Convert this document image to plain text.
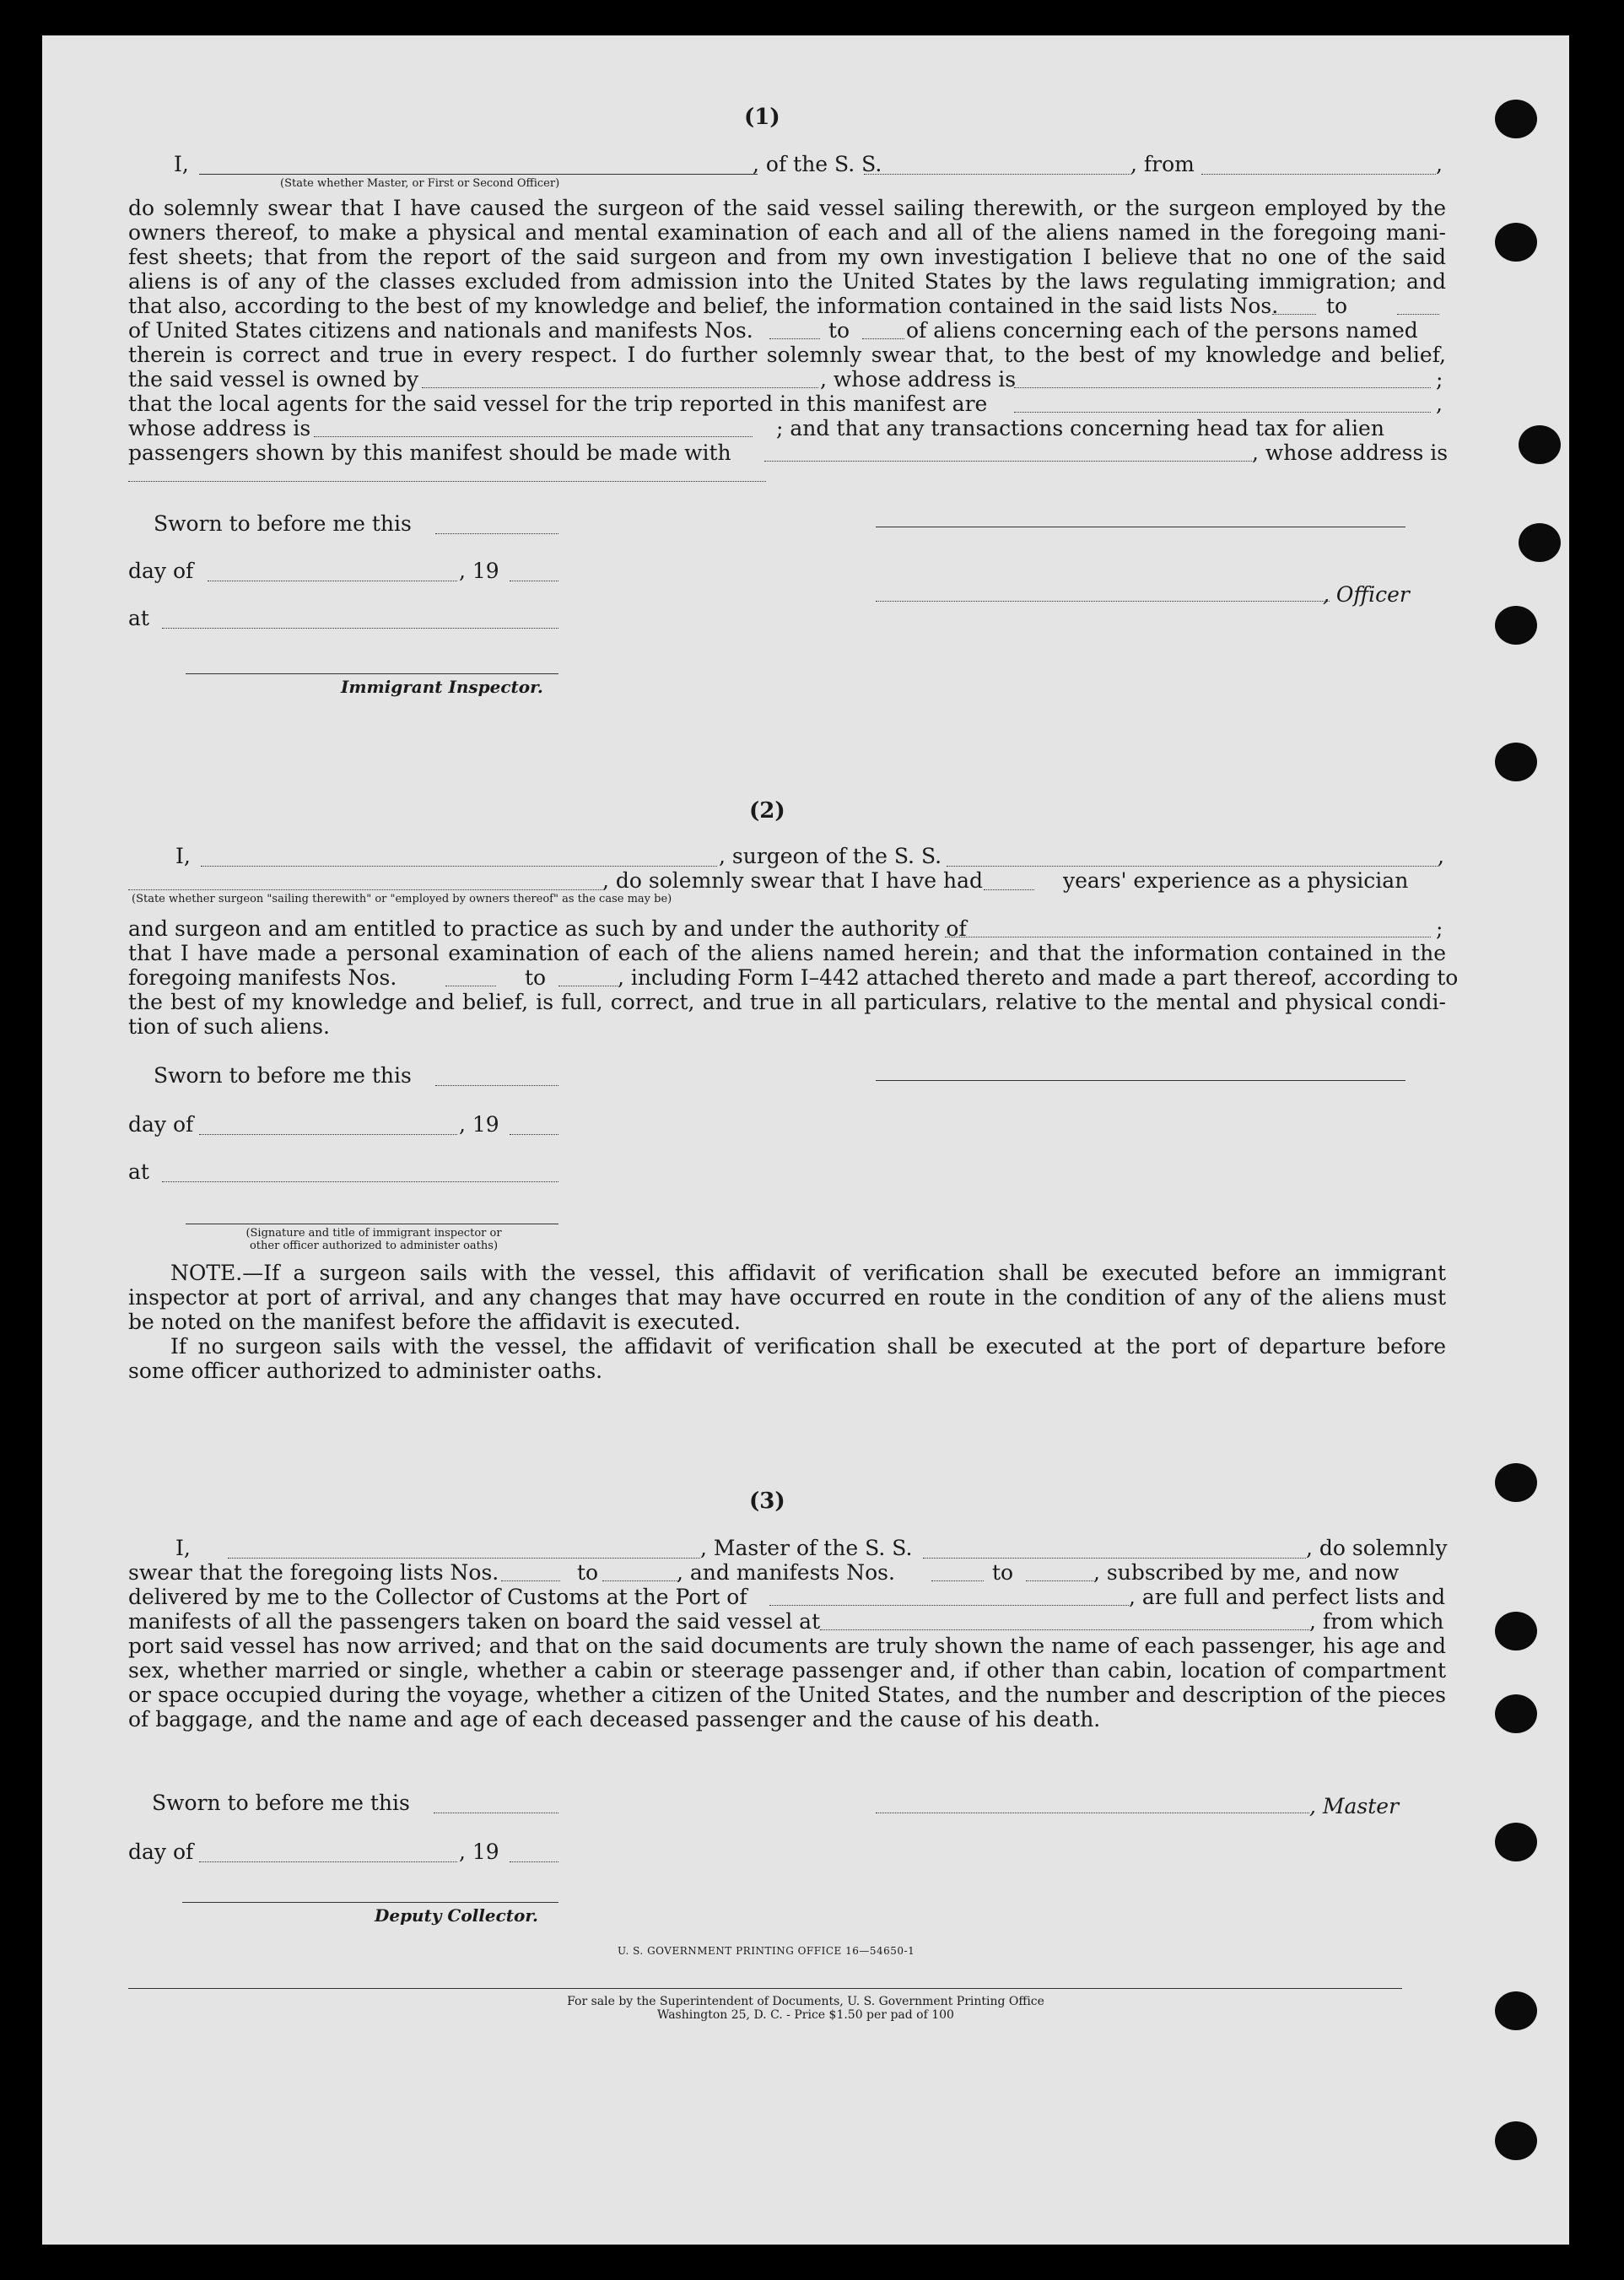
(1)
I,	, of the S. S.	, from	,
(State whether Master, or First or Second Officer)
do solemnly swear that I have caused the surgeon of the said vessel sailing therewith, or the surgeon employed by the
owners thereof, to make a physical and mental examination of each and all of the aliens named in the foregoing mani-
fest sheets; that from the report of the said surgeon and from my own investigation I believe that no one of the said
aliens is of any of the classes excluded from admission into the United States by the laws regulating immigration; and
that also, according to the best of my knowledge and belief, the information contained in the said lists Nos. to
of United States citizens and nationals and manifests Nos.	to	of aliens concerning each of the persons named
therein is correct and true in every respect. I do further solemnly swear that, to the best of my knowledge and belief,
the said vessel is owned by	, whose address is	;
that the local agents for the said vessel for the trip reported in this manifest are	,
whose address is	; and that any transactions concerning head tax for alien
passengers shown by this manifest should be made with	, whose address is
Sworn to before me this
day of	, 19
, Officer
at
Immigrant Inspector.
(2)
I,	, surgeon of the S. S.	,
, do solemnly swear that I have had	years' experience as a physician
(State whether surgeon "sailing therewith" or "employed by owners thereof" as the case may be)
and surgeon and am entitled to practice as such by and under the authority of	;
that I have made a personal examination of each of the aliens named herein; and that the information contained in the
foregoing manifests Nos.	to	, including Form I–442 attached thereto and made a part thereof, according to
the best of my knowledge and belief, is full, correct, and true in all particulars, relative to the mental and physical condi-
tion of such aliens.
Sworn to before me this
day of	, 19
at
(Signature and title of immigrant inspector or
other officer authorized to administer oaths)
NOTE.—If a surgeon sails with the vessel, this affidavit of verification shall be executed before an immigrant
inspector at port of arrival, and any changes that may have occurred en route in the condition of any of the aliens must
be noted on the manifest before the affidavit is executed.
If no surgeon sails with the vessel, the affidavit of verification shall be executed at the port of departure before
some officer authorized to administer oaths.
(3)
I,	, Master of the S. S.	, do solemnly
swear that the foregoing lists Nos.	to	, and manifests Nos.	to	, subscribed by me, and now
delivered by me to the Collector of Customs at the Port of	, are full and perfect lists and
manifests of all the passengers taken on board the said vessel at	, from which
port said vessel has now arrived; and that on the said documents are truly shown the name of each passenger, his age and
sex, whether married or single, whether a cabin or steerage passenger and, if other than cabin, location of compartment
or space occupied during the voyage, whether a citizen of the United States, and the number and description of the pieces
of baggage, and the name and age of each deceased passenger and the cause of his death.
Sworn to before me this	, Master
day of	, 19
Deputy Collector.
U. S. GOVERNMENT PRINTING OFFICE 16—54650-1
For sale by the Superintendent of Documents, U. S. Government Printing Office
Washington 25, D. C. - Price $1.50 per pad of 100
